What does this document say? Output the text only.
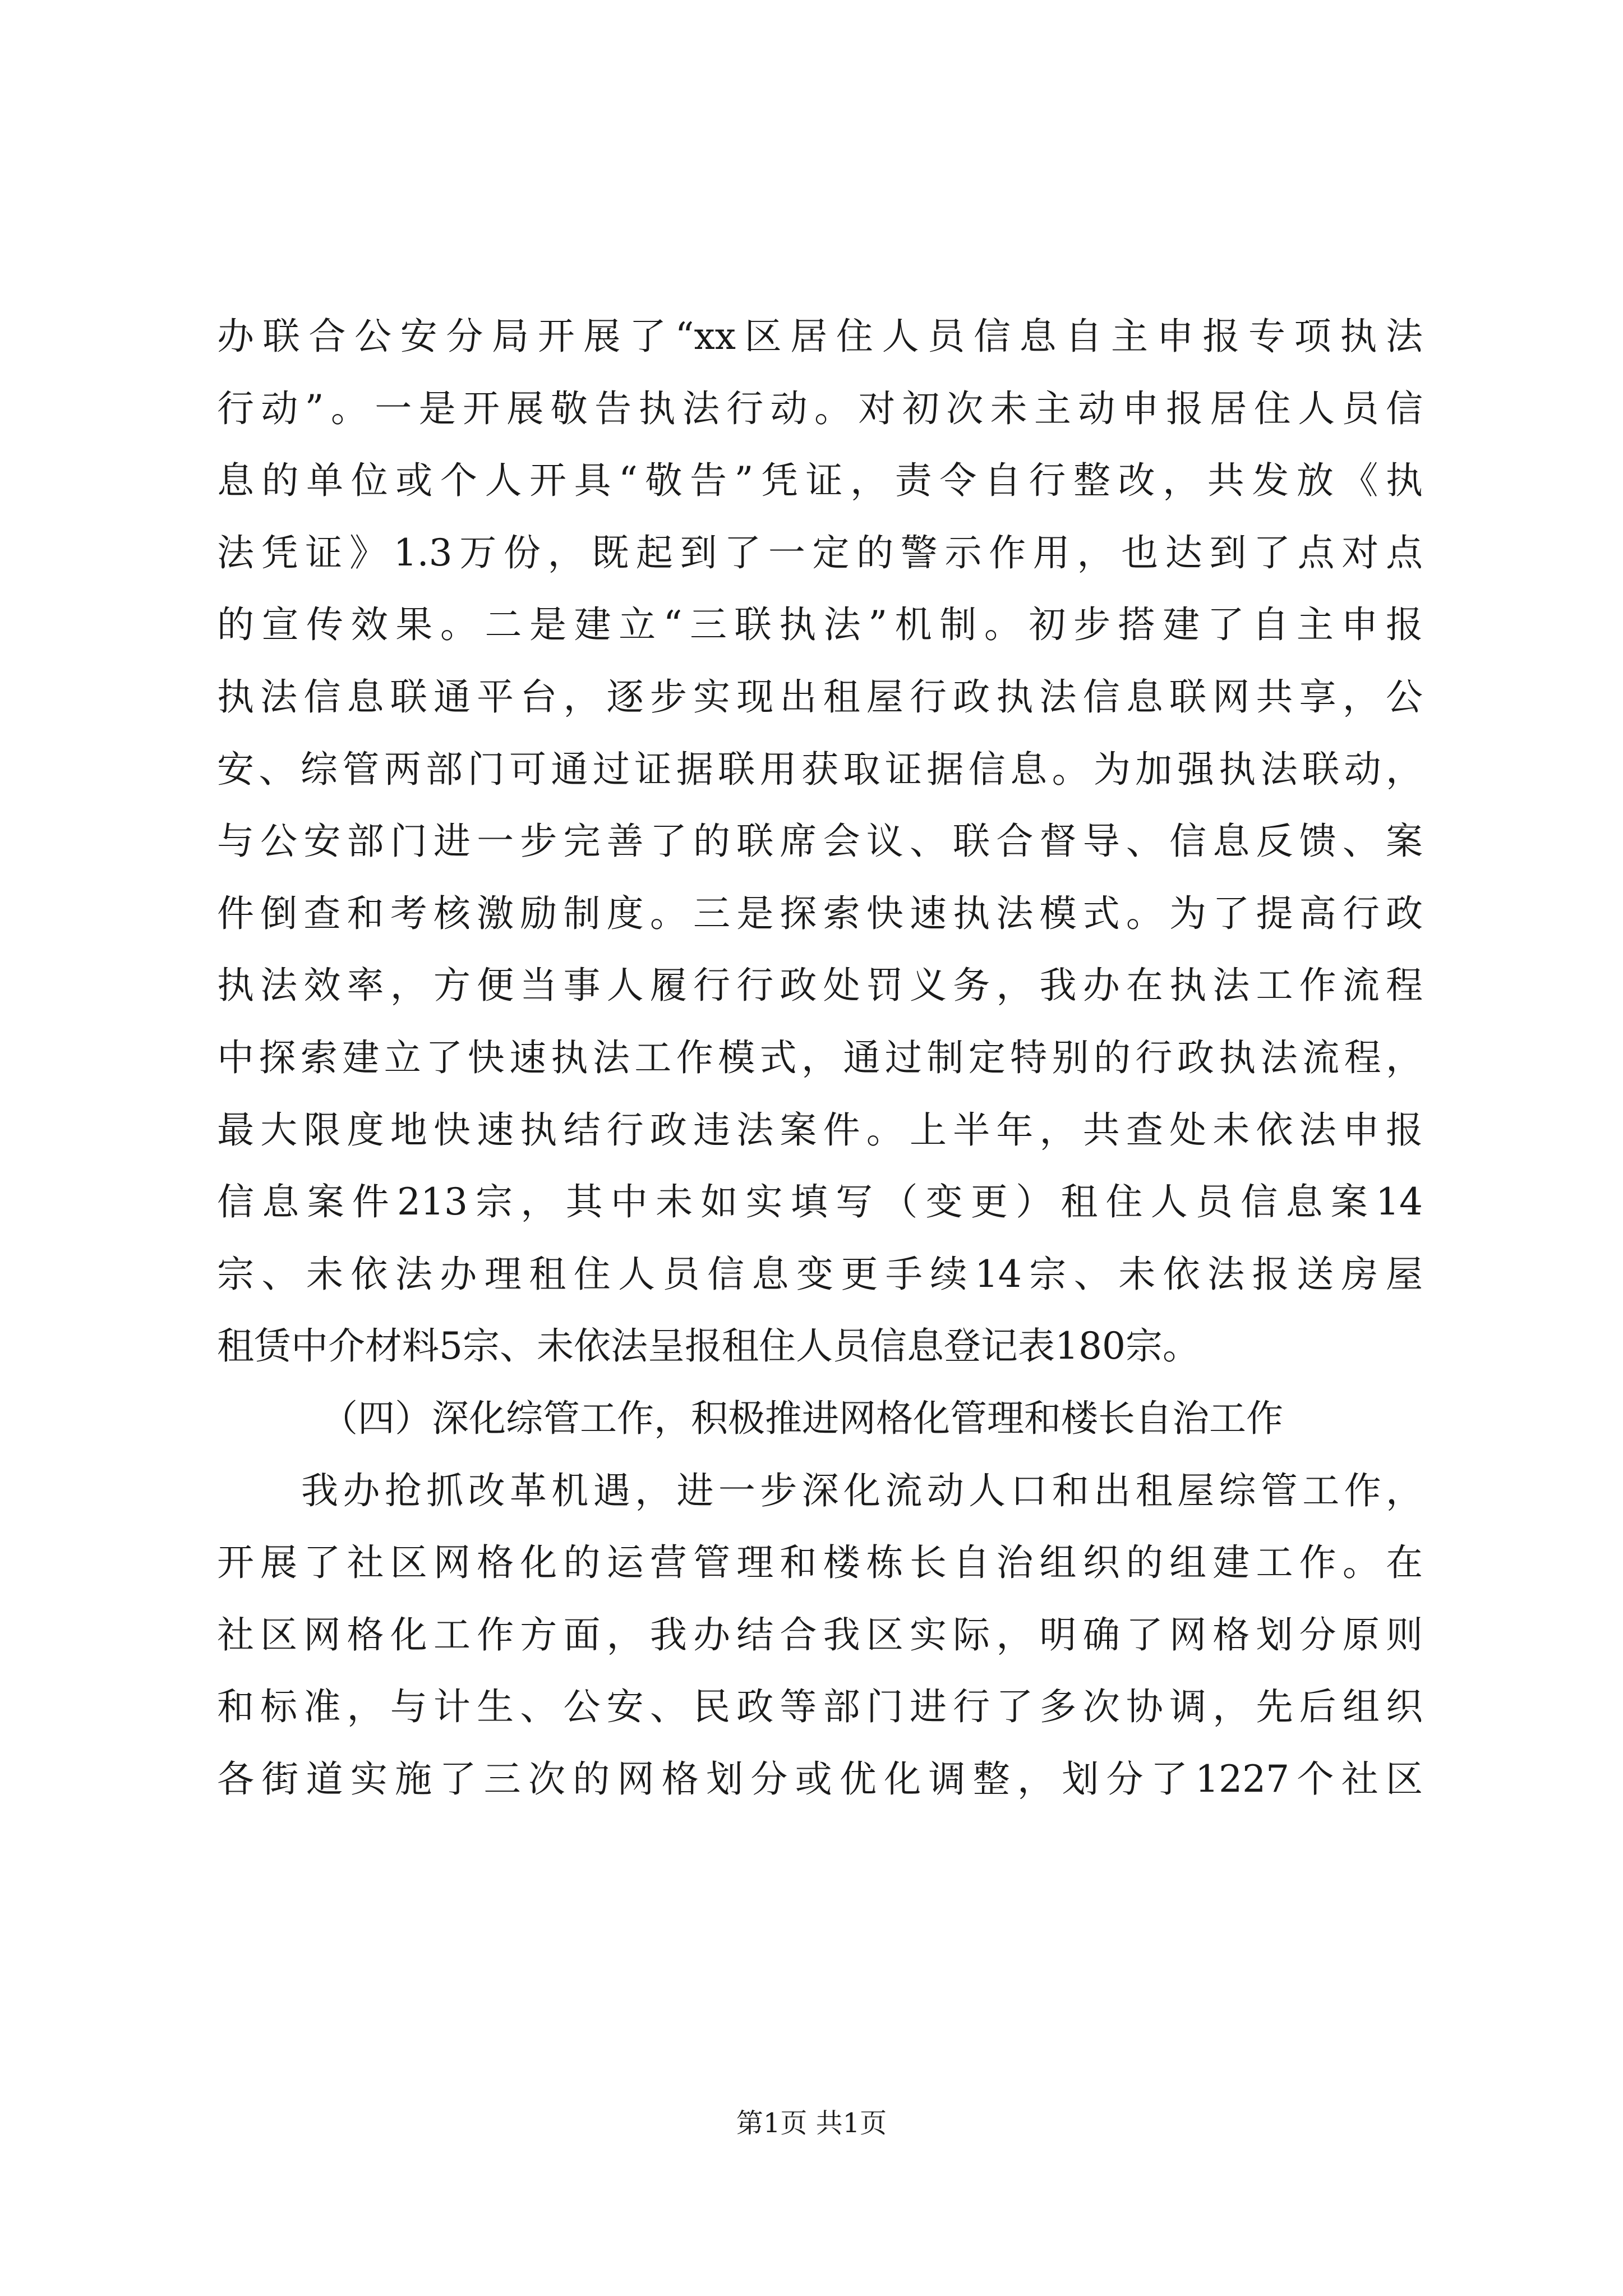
办联合公安分局开展了“xx区居住人员信息自主申报专项执法
行动”。一是开展敬告执法行动。对初次未主动申报居住人员信
息的单位或个人开具“敬告”凭证，责令自行整改，共发放《执
法凭证》1.3万份，既起到了一定的警示作用，也达到了点对点
的宣传效果。二是建立“三联执法”机制。初步搭建了自主申报
执法信息联通平台，逐步实现出租屋行政执法信息联网共享，公
安、综管两部门可通过证据联用获取证据信息。为加强执法联动，
与公安部门进一步完善了的联席会议、联合督导、信息反馈、案
件倒查和考核激励制度。三是探索快速执法模式。为了提高行政
执法效率，方便当事人履行行政处罚义务，我办在执法工作流程
中探索建立了快速执法工作模式，通过制定特别的行政执法流程，
最大限度地快速执结行政违法案件。上半年，共查处未依法申报
信息案件213宗，其中未如实填写（变更）租住人员信息案14
宗、未依法办理租住人员信息变更手续14宗、未依法报送房屋
租赁中介材料5宗、未依法呈报租住人员信息登记表180宗。
（四）深化综管工作，积极推进网格化管理和楼长自治工作
我办抢抓改革机遇，进一步深化流动人口和出租屋综管工作，
开展了社区网格化的运营管理和楼栋长自治组织的组建工作。在
社区网格化工作方面，我办结合我区实际，明确了网格划分原则
和标准，与计生、公安、民政等部门进行了多次协调，先后组织
各街道实施了三次的网格划分或优化调整，划分了1227个社区
第1页 共1页
